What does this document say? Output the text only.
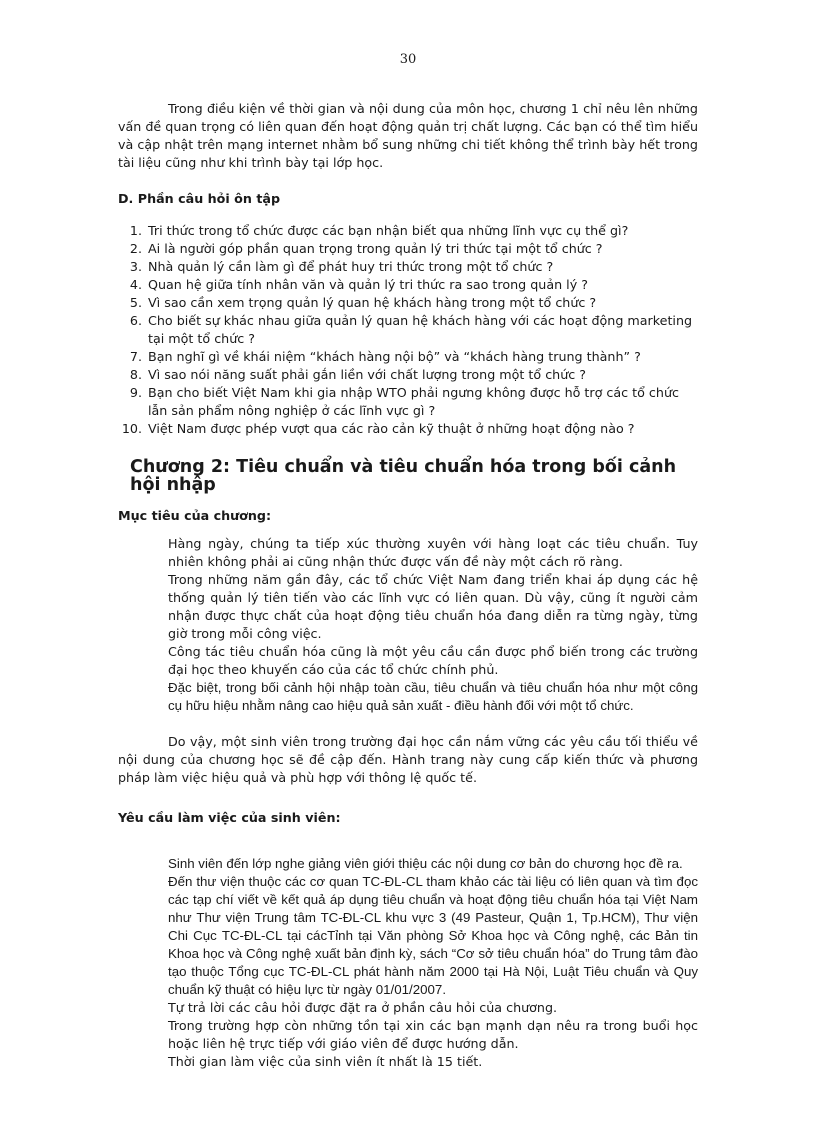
30

Trong điều kiện về thời gian và nội dung của môn học, chương 1 chỉ nêu lên những vấn đề quan trọng có liên quan đến hoạt động quản trị chất lượng. Các bạn có thể tìm hiểu và cập nhật trên mạng internet nhằm bổ sung những chi tiết không thể trình bày hết trong tài liệu cũng như khi trình bày tại lớp học.

D. Phần câu hỏi ôn tập

1. Tri thức trong tổ chức được các bạn nhận biết qua những lĩnh vực cụ thể gì?
2. Ai là người góp phần quan trọng trong quản lý tri thức tại một tổ chức ?
3. Nhà quản lý cần làm gì để phát huy tri thức trong một tổ chức ?
4. Quan hệ giữa tính nhân văn và quản lý tri thức ra sao trong quản lý ?
5. Vì sao cần xem trọng quản lý quan hệ khách hàng trong một tổ chức ?
6. Cho biết sự khác nhau giữa quản lý quan hệ khách hàng với các hoạt động marketing tại một tổ chức ?
7. Bạn nghĩ gì về khái niệm “khách hàng nội bộ” và “khách hàng trung thành” ?
8. Vì sao nói năng suất phải gắn liền với chất lượng trong một tổ chức ?
9. Bạn cho biết Việt Nam khi gia nhập WTO phải ngưng không được hỗ trợ các tổ chức lẫn sản phẩm nông nghiệp ở các lĩnh vực gì ?
10. Việt Nam được phép vượt qua các rào cản kỹ thuật ở những hoạt động nào ?

Chương 2: Tiêu chuẩn và tiêu chuẩn hóa trong bối cảnh hội nhập

Mục tiêu của chương:

Hàng ngày, chúng ta tiếp xúc thường xuyên với hàng loạt các tiêu chuẩn. Tuy nhiên không phải ai cũng nhận thức được vấn đề này một cách rõ ràng.

Trong những năm gần đây, các tổ chức Việt Nam đang triển khai áp dụng các hệ thống quản lý tiên tiến vào các lĩnh vực có liên quan. Dù vậy, cũng ít người cảm nhận được thực chất của hoạt động tiêu chuẩn hóa đang diễn ra từng ngày, từng giờ trong mỗi công việc.

Công tác tiêu chuẩn hóa cũng là một yêu cầu cần được phổ biến trong các trường đại học theo khuyến cáo của các tổ chức chính phủ.

Đặc biệt, trong bối cảnh hội nhập toàn cầu, tiêu chuẩn và tiêu chuẩn hóa như một công cụ hữu hiệu nhằm nâng cao hiệu quả sản xuất - điều hành đối với một tổ chức.

Do vậy, một sinh viên trong trường đại học cần nắm vững các yêu cầu tối thiểu về nội dung của chương học sẽ đề cập đến. Hành trang này cung cấp kiến thức và phương pháp làm việc hiệu quả và phù hợp với thông lệ quốc tế.

Yêu cầu làm việc của sinh viên:

Sinh viên đến lớp nghe giảng viên giới thiệu các nội dung cơ bản do chương học đề ra.

Đến thư viện thuộc các cơ quan TC-ĐL-CL tham khảo các tài liệu có liên quan và tìm đọc các tạp chí viết về kết quả áp dụng tiêu chuẩn và hoạt động tiêu chuẩn hóa tại Việt Nam như Thư viện Trung tâm TC-ĐL-CL khu vực 3 (49 Pasteur, Quận 1, Tp.HCM), Thư viện Chi Cục TC-ĐL-CL tại cácTỉnh tại Văn phòng Sở Khoa học và Công nghệ, các Bản tin Khoa học và Công nghệ xuất bản định kỳ, sách “Cơ sở tiêu chuẩn hóa” do Trung tâm đào tạo thuộc Tổng cục TC-ĐL-CL phát hành năm 2000 tại Hà Nội, Luật Tiêu chuẩn và Quy chuẩn kỹ thuật có hiệu lực từ ngày 01/01/2007.

Tự trả lời các câu hỏi được đặt ra ở phần câu hỏi của chương.

Trong trường hợp còn những tồn tại xin các bạn mạnh dạn nêu ra trong buổi học hoặc liên hệ trực tiếp với giáo viên để được hướng dẫn.

Thời gian làm việc của sinh viên ít nhất là 15 tiết.
